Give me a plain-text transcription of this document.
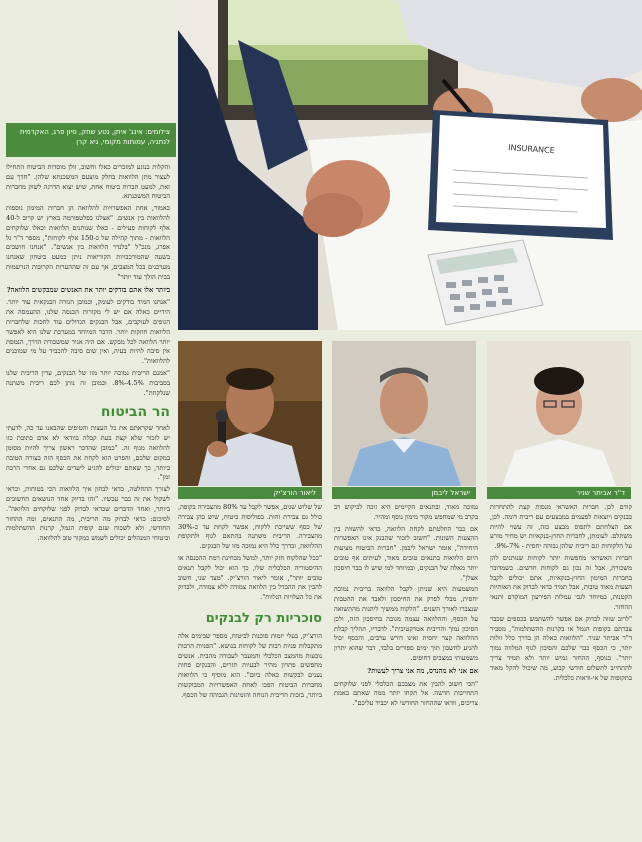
INSURANCE
צילומים: אינג' איתן, נטע שחק, סיון פרג, האקדמית לנתניה, עמותות מקומי, גיא קרן

והקלות בנוגע למזכרים כאלו וחשוב, זולן מוסדות הביטוח התחילו לעצור מתן הלוואות בחלק מוצעם המשכנתא שלהן. "חדך עם זאת, למעט חברות ביטוח אחת, שיש יצוא הדרגה לשוק מחברות הביטוח המשכנתא.

כאמור, אחת האפשרויות להלוואה הן חברות המימון נוספות להלוואות בין אנשים. "אצלנו בפלטפורמה בארץ יש קרוב ל-40 אלף לקוחות פעילים - כאלו שנותנים הלוואות וכאלו שלוקחים הלוואות - מתוך קהילה של כ-150 אלף לקוחות", מספר ד"ר גל אפרג, מנכ"ל "בלנדר הלוואות בין אנשים". "אנחנו חושבים בשעה שהמורכבויות הקוריאות ניתן כמעט ביטחון שאנחנו מעדכנים בכל המצבים, אך עם זה שההערות הקרובות הנרשמות בבית הולך עוד יותר"

ביותר אלו אתם בודקים יותר את האנשים שמבקשים הלוואה?

"אנחנו המיד בודקים לעומק, וכמובן הגזרה הבנקאית עוד יותר. הידיים כאלה אם יש לי מקורות הכנסה שלנו, ההעמסה את הגופים לעוקבים, אבל הבנקים הגדולים עוד לחכות שלחברות הלוואות חוזקות יותר. הדבר המיוחד במערכת שלנו היא לאפשר יותר הלוואה לכל מבקש. אם היה אגיד שמשכורת הדרך, הנמסת אין סיבה להיות בעיה, ואין שום סיבה להכביד על מי שמוכנים להלוואות".

"אמנם הריבית נמוכה יותר מזו של הבנקים, עדין הריבית שלנו בסביבות 4.5%-8%. וכמובן זה נותן לכם ריבית משתנה שנלקחת".

הר הביטוח

לאחר שקראתם את כל העצות והטיפים שהבאנו עד כה, לדעתי יש לזכור שלא קצת בעת קבלה בוודאי לא אדם כתובת כזו להלוואה מגוף זה. "כמובן שהדבר ראשון צריך להיות מסומן במקום שלכם, והפרט הוא לקחת את הכסף הזה בצורה הטובה ביותר, כך שאתם יכולים להגיע ליעדים שלכם גם אחרי הרבה זמן".

לצורך ההחלטה, כדאי לבחון איך הלוואות הכי בטוחות, וכדאי לשקול את זה כבר עכשיו. "זהו בדיוק אחד הנושאים החשובים ביותר, ואחד הדברים שכדאי לבדוק לפני שלוקחים הלוואה". לסיכום: כדאי לבדוק מה הריבית, מה התנאים, ומה ההחזר החודשי, ולא לשכוח שגם קופות הגמל, קרנות ההשתלמות וביטוחי המנהלים יכולים לשמש כמקור טוב להלוואה.

ליאור הורצ'יק	ישראל ליבמן	ד"ר אביתר שניר

קודם לכן. חברות האשראי מנסות קצת להתחרות בבנקים ויוצאות לפעמים במבצעים עם ריבית דומה. לכן, אם הצלחתם לתפוס מבצע כזה, זה עשוי להיות משתלם. לעומתן, לחברות החוץ-בנקאיות יש מחיר מורע על הלקוחות וגם ריבית שלהן גבוהה יחסית - 7%-9%.

חברות האשראי מחפשות יותר לקוחות שנותנים להן משכורת, אבל זה נכון גם לקוחות חדשים. כשמדובר בחברות המימון החוץ-בנקאיות, אתם יכולים לקבל הצעות מאוד טובות, אבל תמיד כדאי לבדוק את האותיות הקטנות, במיוחד לגבי עמלות הפירעון המוקדם ותנאי ההחזר.

"לרוב שווה לבדוק אם אפשר להשתמש בכספים שכבר צברתם בקופות הגמל או בקרנות ההשתלמות", מסביר ד"ר אביתר שניר. "הלוואות כאלה הן בדרך כלל זולות יותר, כי הכסף כבר שלכם והסיכון לגוף המלווה נמוך יותר". בנוסף, ההחזר גמיש יותר ולא תמיד צריך להתחייב לתשלום חודשי קבוע, מה שיכול להקל מאוד בתקופות של אי-ודאות כלכלית.

נמוכה מאוד, ובתנאים הקיימים היא זוכה לביקוש רב בקרב מי שמחפש מקור מימון נוסף ומהיר.

אם כבר החלטתם לקחת הלוואה, כדאי להשוות בין ההצעות השונות. "חשוב לזכור שהבנק אינו האפשרות היחידה", אומר ישראל ליבמן. "חברות הביטוח מציעות היום הלוואות בתנאים טובים מאוד, לעיתים אף טובים יותר מאלה של הבנקים, ובמיוחד למי שיש לו כבר חיסכון אצלן".

המשמעות היא שניתן לקבל הלוואה בריבית נמוכה יחסית, מבלי לפרק את החיסכון ולאבד את ההטבות שנצברו לאורך השנים. "הלקוח ממשיך ליהנות מהתשואה על הכסף, וההלוואה עצמה מגובה בחיסכון הזה, ולכן הסיכון נמוך והריבית אטרקטיבית". לדבריו, תהליך קבלת ההלוואה קצר יחסית ואינו דורש ערבים, והכסף יכול להגיע לחשבון תוך ימים ספורים בלבד, דבר שהוא יתרון משמעותי במצבים דחופים.

אם אני לא מהנדס, מה אני צריך לעשות?

"הכי חשוב להבין את מצבכם הכלכלי לפני שלוקחים התחייבות חדשה. אל תקחו יותר ממה שאתם באמת צריכים, וודאו שההחזר החודשי לא יכביד עליכם".

של שלוש שנים, אפשר לקבל עד 80% מהצבירה בקופה, כולל גם צבירת זהות. בפוליסות ביטוח, שיש בהן צבירה של כסף ששייכת ללקוח, אפשר לקחת עד כ-30% מהצבירה. הריבית משתנה בהתאם לגוף ולתקופת ההלוואה, ובדרך כלל היא נמוכה מזו של הבנקים.

"ככל שהלקוח חזק יותר, למשל מבחינת רמת ההכנסה או ההיסטוריה הכלכלית שלו, כך הוא יכול לקבל תנאים טובים יותר", אומר ליאור הורצ'יק. "מצד שני, חשוב להבין את ההבדל בין הלוואה צמודה ללא צמודה, ולבדוק את כל העלויות הנלוות".

סוכריות רק לבנקים

הורצ'יק, בעלי יזמות סוכנות לביטוח, מספר שבימים אלה מתקבלות פניות רבות של לקוחות בנושא. "הפניות הרבות נובעות מהמצב הכלכלי והמעבר לעבודה מהבית. אנשים מחפשים פתרון מהיר לבעיות תזרים, והבנקים פחות נענים לבקשות כאלה כיום". הוא מוסיף כי הלוואות מחברות הביטוח הפכו לאחת האפשרויות המבוקשות ביותר, בזכות הריבית הנוחה והזמינות הגבוהה של הכסף.
